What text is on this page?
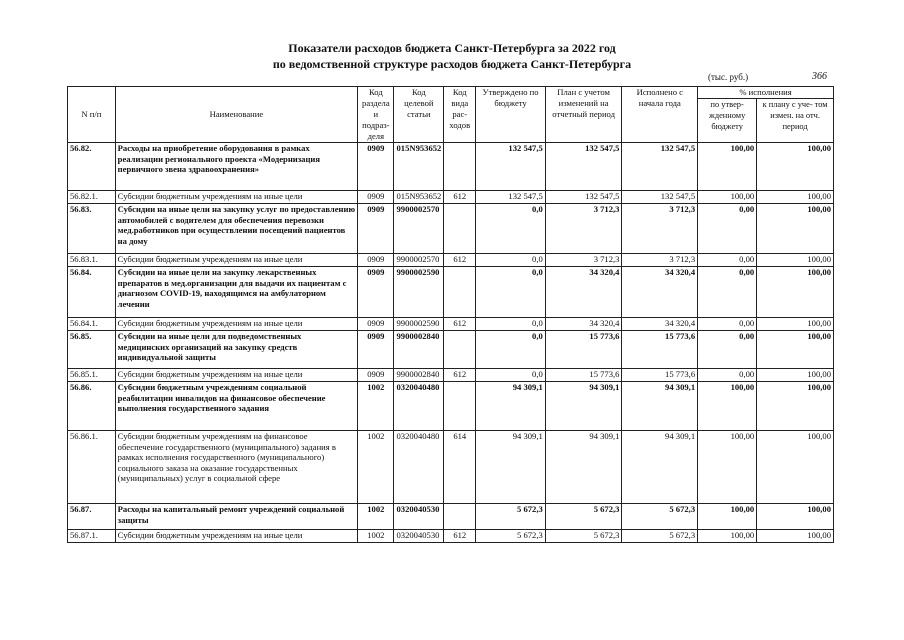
Показатели расходов бюджета Санкт-Петербурга за 2022 год
по ведомственной структуре расходов бюджета Санкт-Петербурга
(тыс. руб.)	366
N п/п	Наименование	Код раздела и подраз- деля	Код целевой статьи	Код вида рас- ходов	Утверждено по бюджету	План с учетом изменений на отчетный период	Исполнено с начала года	% исполнения	
								по утвер- жденному бюджету	к плану с уче- том измен. на отч. период
56.82.	Расходы на приобретение оборудования в рамках реализации регионального проекта «Модернизация первичного звена здравоохранения»	0909	015N953652		132 547,5	132 547,5	132 547,5	100,00	100,00
56.82.1.	Субсидии бюджетным учреждениям на иные цели	0909	015N953652	612	132 547,5	132 547,5	132 547,5	100,00	100,00
56.83.	Субсидии на иные цели на закупку услуг по предоставлению автомобилей с водителем для обеспечения перевозки мед.работников при осуществлении посещений пациентов на дому	0909	9900002570		0,0	3 712,3	3 712,3	0,00	100,00
56.83.1.	Субсидии бюджетным учреждениям на иные цели	0909	9900002570	612	0,0	3 712,3	3 712,3	0,00	100,00
56.84.	Субсидии на иные цели на закупку лекарственных препаратов в мед.организации для выдачи их пациентам с диагнозом COVID-19, находящимся на амбулаторном лечении	0909	9900002590		0,0	34 320,4	34 320,4	0,00	100,00
56.84.1.	Субсидии бюджетным учреждениям на иные цели	0909	9900002590	612	0,0	34 320,4	34 320,4	0,00	100,00
56.85.	Субсидии на иные цели для подведомственных медицинских организаций на закупку средств индивидуальной защиты	0909	9900002840		0,0	15 773,6	15 773,6	0,00	100,00
56.85.1.	Субсидии бюджетным учреждениям на иные цели	0909	9900002840	612	0,0	15 773,6	15 773,6	0,00	100,00
56.86.	Субсидии бюджетным учреждениям социальной реабилитации инвалидов на финансовое обеспечение выполнения государственного задания	1002	0320040480		94 309,1	94 309,1	94 309,1	100,00	100,00
56.86.1.	Субсидии бюджетным учреждениям на финансовое обеспечение государственного (муниципального) задания в рамках исполнения государственного (муниципального) социального заказа на оказание государственных (муниципальных) услуг в социальной сфере	1002	0320040480	614	94 309,1	94 309,1	94 309,1	100,00	100,00
56.87.	Расходы на капитальный ремонт учреждений социальной защиты	1002	0320040530		5 672,3	5 672,3	5 672,3	100,00	100,00
56.87.1.	Субсидии бюджетным учреждениям на иные цели	1002	0320040530	612	5 672,3	5 672,3	5 672,3	100,00	100,00
